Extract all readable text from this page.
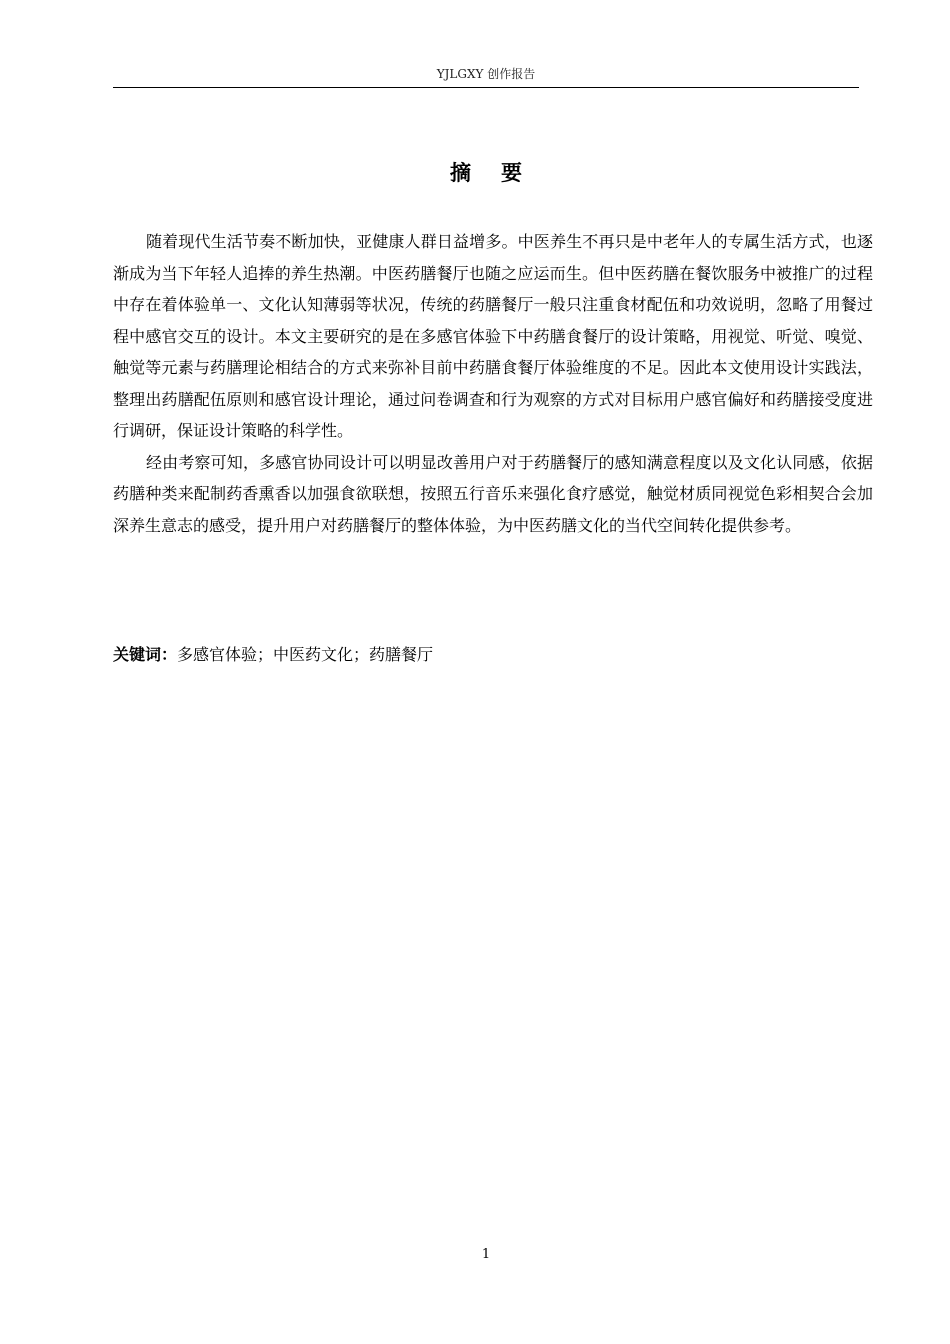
YJLGXY 创作报告
摘要

随着现代生活节奏不断加快，亚健康人群日益增多。中医养生不再只是中老年人的专属生活方式，也逐渐成为当下年轻人追捧的养生热潮。中医药膳餐厅也随之应运而生。但中医药膳在餐饮服务中被推广的过程中存在着体验单一、文化认知薄弱等状况，传统的药膳餐厅一般只注重食材配伍和功效说明，忽略了用餐过程中感官交互的设计。本文主要研究的是在多感官体验下中药膳食餐厅的设计策略，用视觉、听觉、嗅觉、触觉等元素与药膳理论相结合的方式来弥补目前中药膳食餐厅体验维度的不足。因此本文使用设计实践法，整理出药膳配伍原则和感官设计理论，通过问卷调查和行为观察的方式对目标用户感官偏好和药膳接受度进行调研，保证设计策略的科学性。

经由考察可知，多感官协同设计可以明显改善用户对于药膳餐厅的感知满意程度以及文化认同感，依据药膳种类来配制药香熏香以加强食欲联想，按照五行音乐来强化食疗感觉，触觉材质同视觉色彩相契合会加深养生意志的感受，提升用户对药膳餐厅的整体体验，为中医药膳文化的当代空间转化提供参考。

关键词：多感官体验；中医药文化；药膳餐厅
1
